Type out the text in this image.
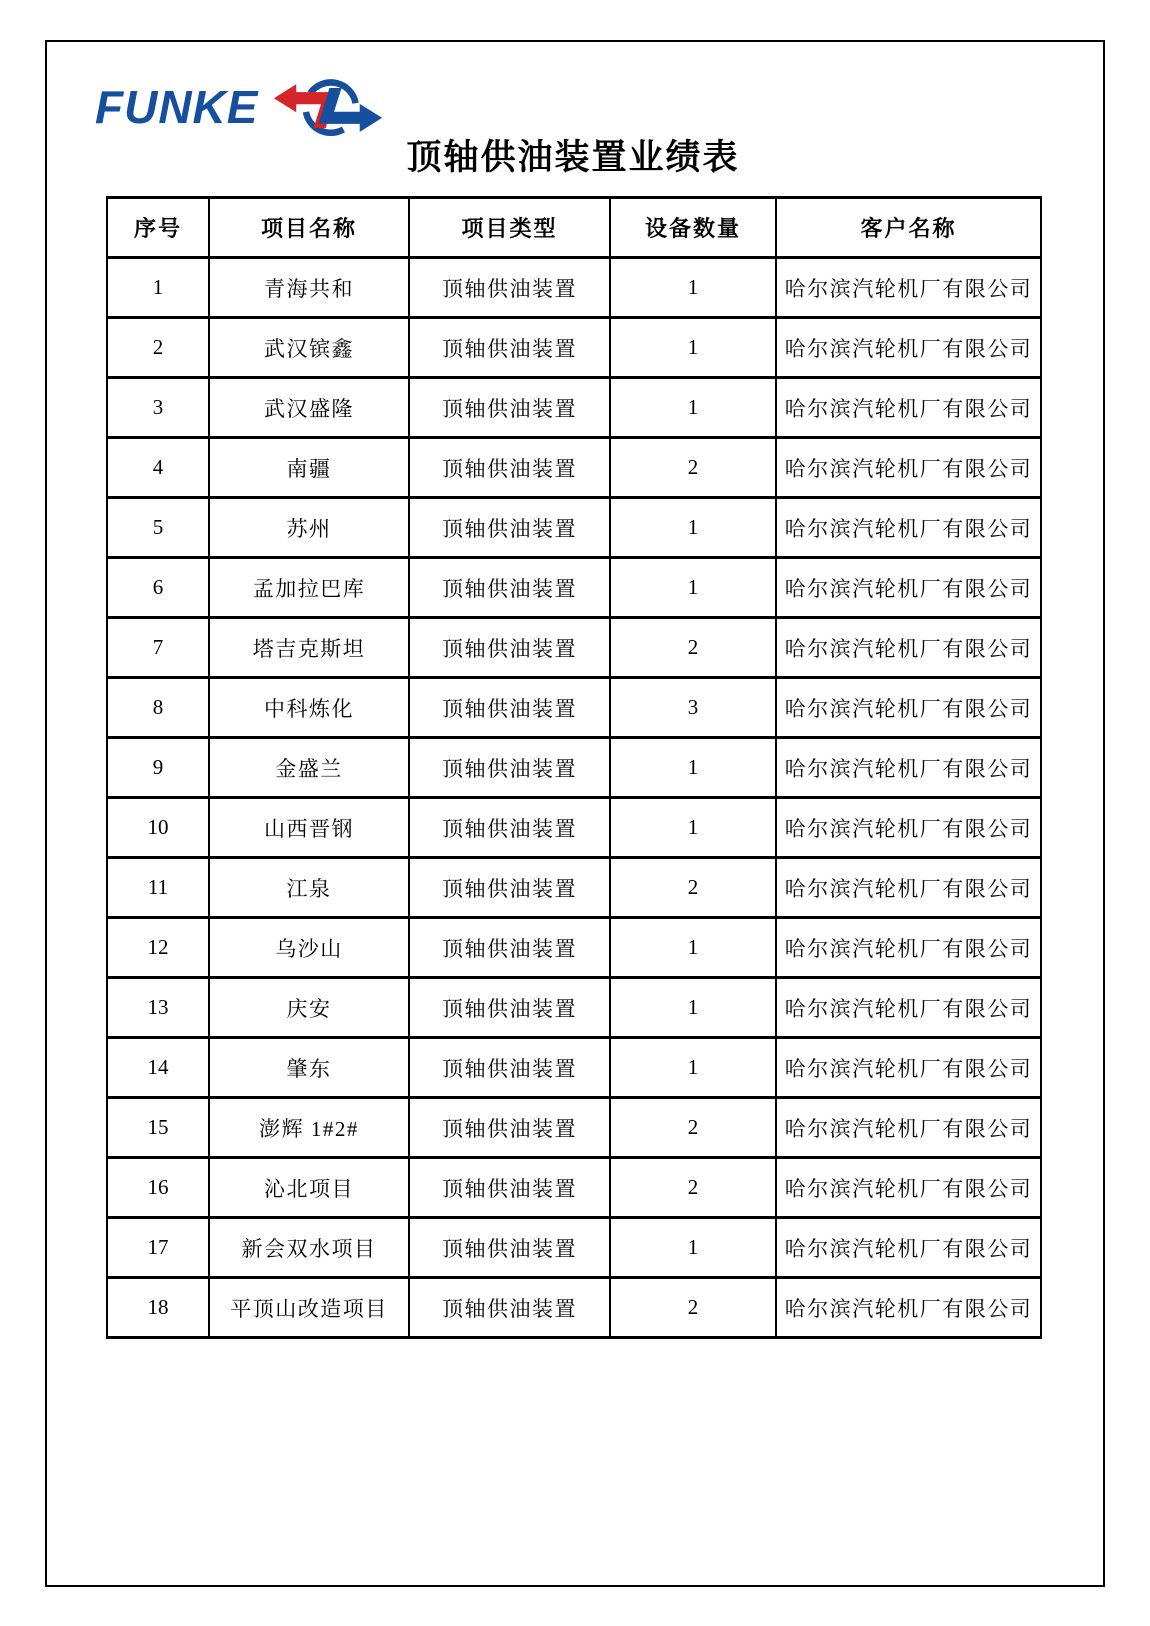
FUNKE
顶轴供油装置业绩表
序号	项目名称	项目类型	设备数量	客户名称
1	青海共和	顶轴供油装置	1	哈尔滨汽轮机厂有限公司
2	武汉镔鑫	顶轴供油装置	1	哈尔滨汽轮机厂有限公司
3	武汉盛隆	顶轴供油装置	1	哈尔滨汽轮机厂有限公司
4	南疆	顶轴供油装置	2	哈尔滨汽轮机厂有限公司
5	苏州	顶轴供油装置	1	哈尔滨汽轮机厂有限公司
6	孟加拉巴库	顶轴供油装置	1	哈尔滨汽轮机厂有限公司
7	塔吉克斯坦	顶轴供油装置	2	哈尔滨汽轮机厂有限公司
8	中科炼化	顶轴供油装置	3	哈尔滨汽轮机厂有限公司
9	金盛兰	顶轴供油装置	1	哈尔滨汽轮机厂有限公司
10	山西晋钢	顶轴供油装置	1	哈尔滨汽轮机厂有限公司
11	江泉	顶轴供油装置	2	哈尔滨汽轮机厂有限公司
12	乌沙山	顶轴供油装置	1	哈尔滨汽轮机厂有限公司
13	庆安	顶轴供油装置	1	哈尔滨汽轮机厂有限公司
14	肇东	顶轴供油装置	1	哈尔滨汽轮机厂有限公司
15	澎辉 1#2#	顶轴供油装置	2	哈尔滨汽轮机厂有限公司
16	沁北项目	顶轴供油装置	2	哈尔滨汽轮机厂有限公司
17	新会双水项目	顶轴供油装置	1	哈尔滨汽轮机厂有限公司
18	平顶山改造项目	顶轴供油装置	2	哈尔滨汽轮机厂有限公司
